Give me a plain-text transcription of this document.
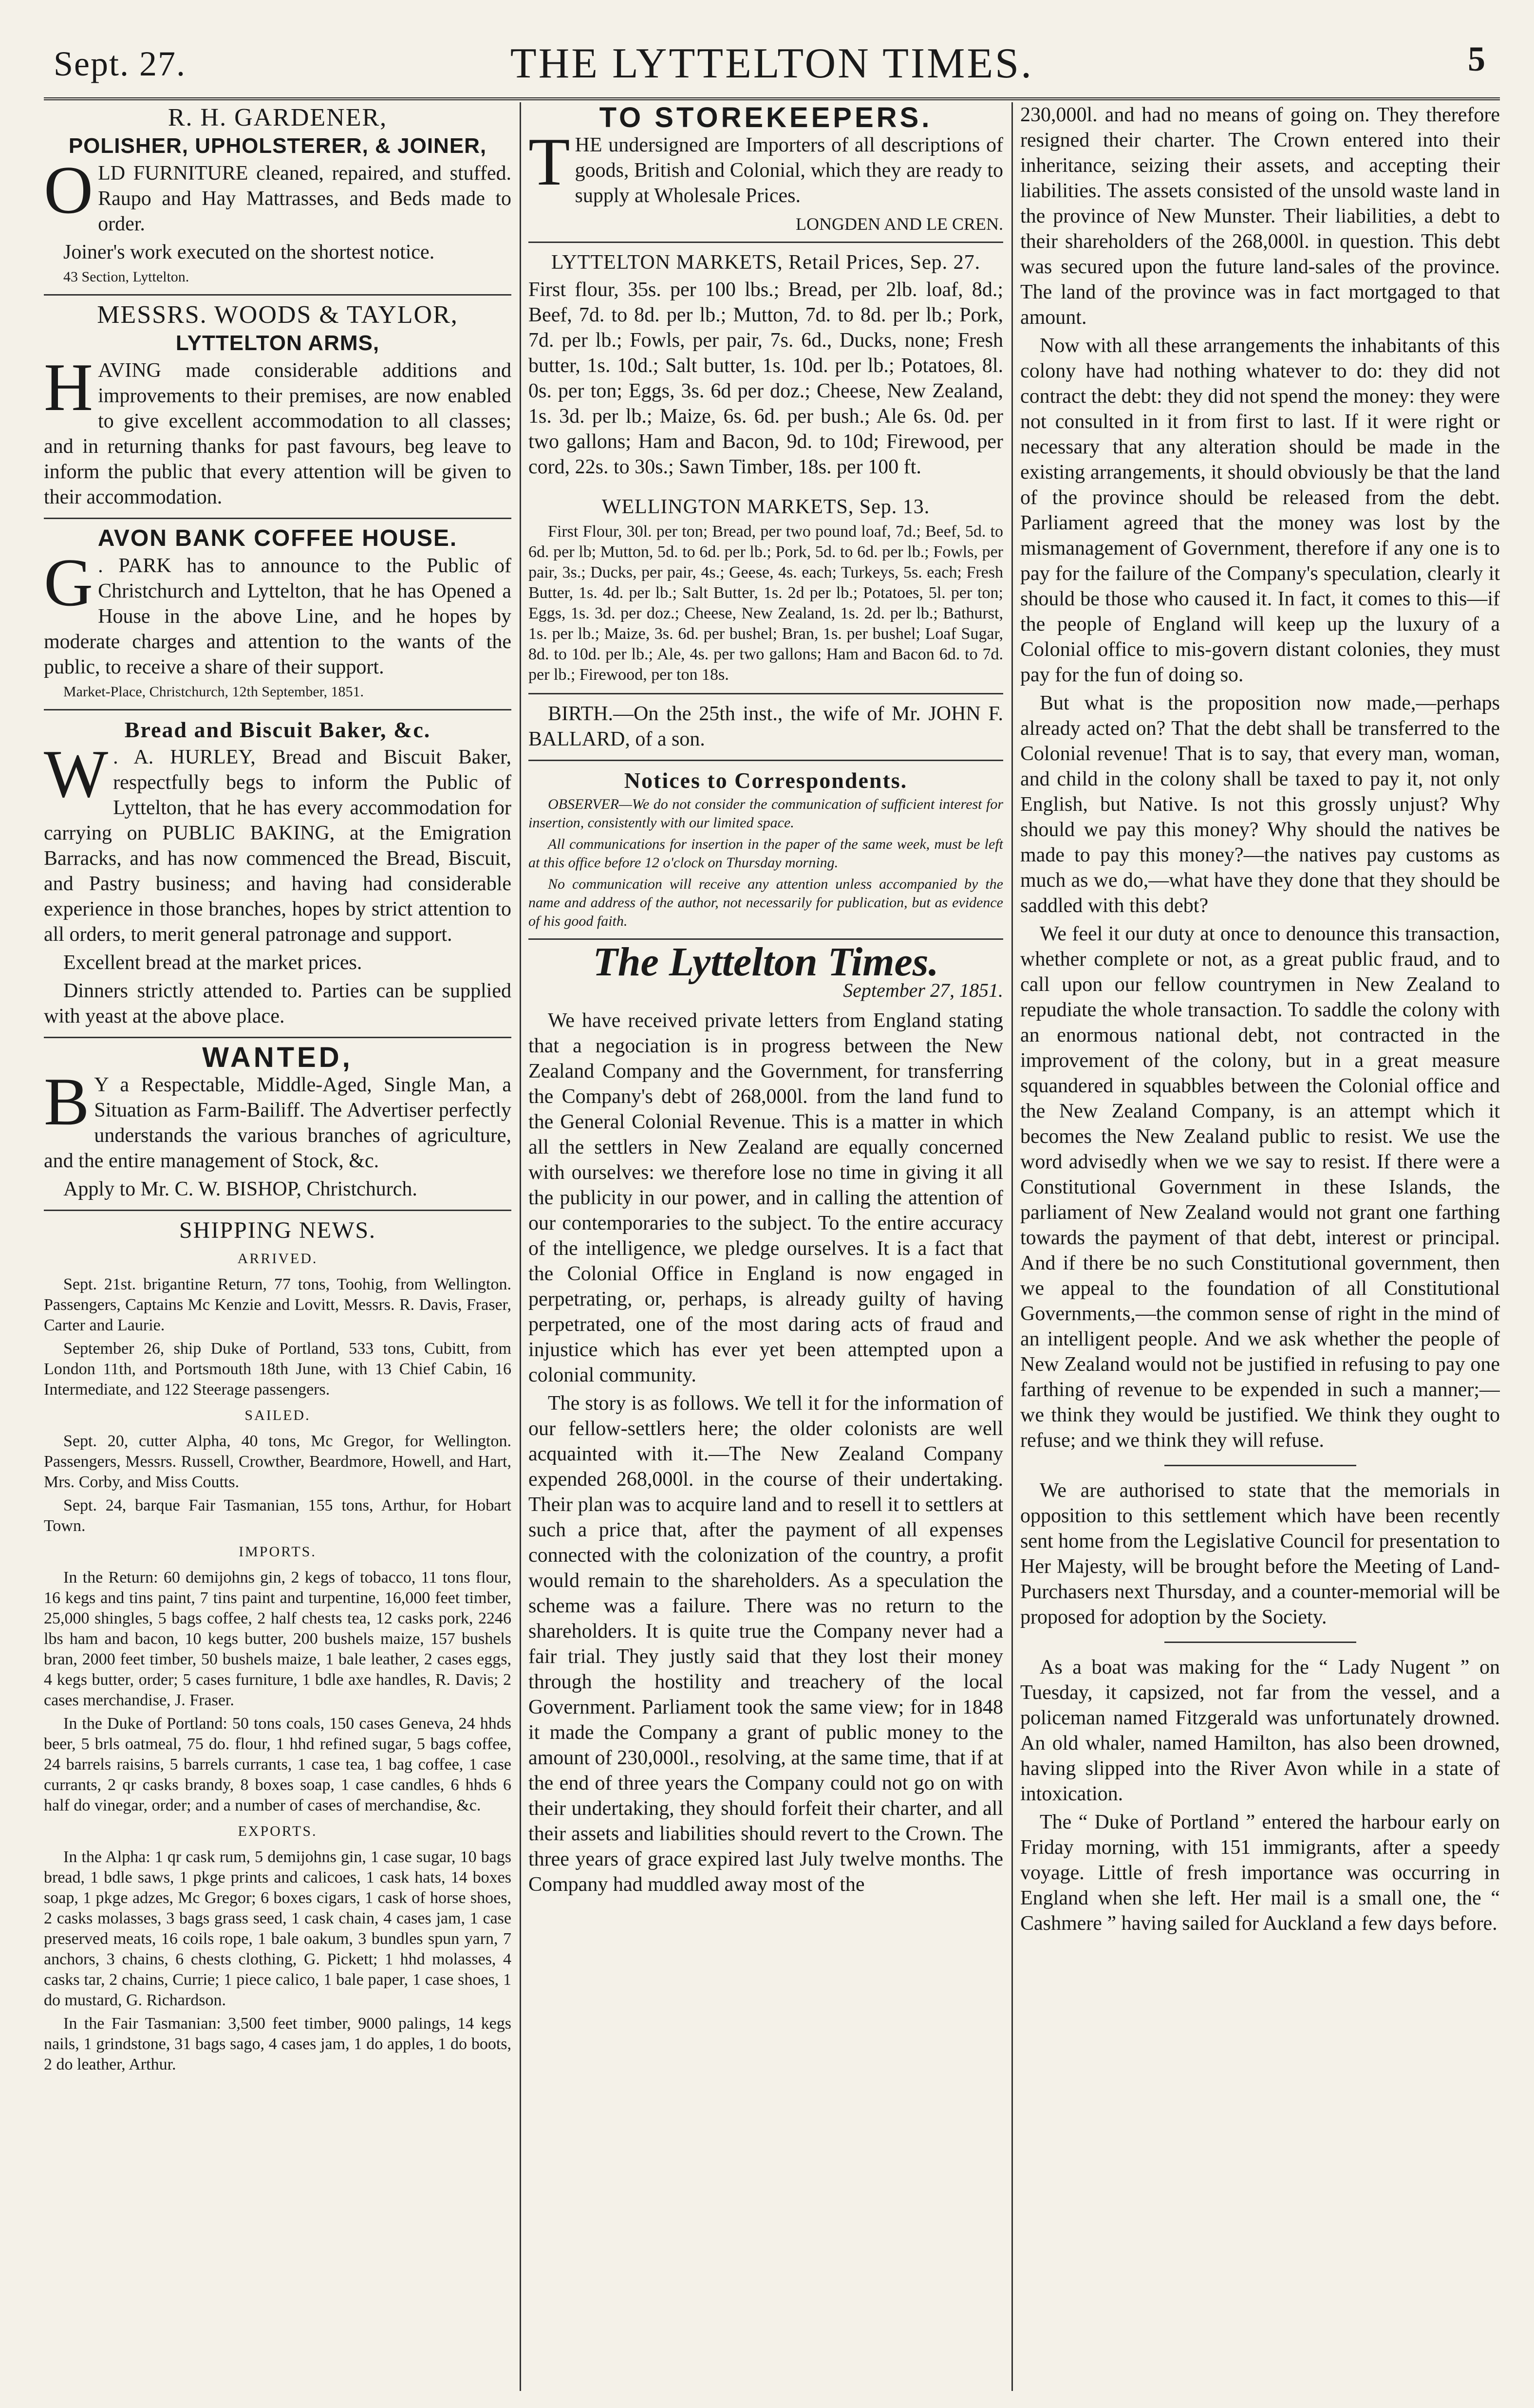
Sept. 27.	THE LYTTELTON TIMES.	5
R. H. GARDENER,
POLISHER, UPHOLSTERER, & JOINER,

OLD FURNITURE cleaned, repaired, and stuffed. Raupo and Hay Mattrasses, and Beds made to order.

Joiner's work executed on the shortest notice.

43 Section, Lyttelton.

MESSRS. WOODS & TAYLOR,
LYTTELTON ARMS,

HAVING made considerable additions and improvements to their premises, are now enabled to give excellent accommodation to all classes; and in returning thanks for past favours, beg leave to inform the public that every attention will be given to their accommodation.

AVON BANK COFFEE HOUSE.

G . PARK has to announce to the Public of Christchurch and Lyttelton, that he has Opened a House in the above Line, and he hopes by moderate charges and attention to the wants of the public, to receive a share of their support.

Market-Place, Christchurch, 12th September, 1851.

Bread and Biscuit Baker, &c.

W . A. HURLEY, Bread and Biscuit Baker, respectfully begs to inform the Public of Lyttelton, that he has every accommodation for carrying on PUBLIC BAKING, at the Emigration Barracks, and has now commenced the Bread, Biscuit, and Pastry business; and having had considerable experience in those branches, hopes by strict attention to all orders, to merit general patronage and support.

Excellent bread at the market prices.

Dinners strictly attended to. Parties can be supplied with yeast at the above place.

WANTED,

B Y a Respectable, Middle-Aged, Single Man, a Situation as Farm-Bailiff. The Advertiser perfectly understands the various branches of agriculture, and the entire management of Stock, &c.

Apply to Mr. C. W. BISHOP, Christchurch.

SHIPPING NEWS.
ARRIVED.

Sept. 21st. brigantine Return, 77 tons, Toohig, from Wellington. Passengers, Captains Mc Kenzie and Lovitt, Messrs. R. Davis, Fraser, Carter and Laurie.

September 26, ship Duke of Portland, 533 tons, Cubitt, from London 11th, and Portsmouth 18th June, with 13 Chief Cabin, 16 Intermediate, and 122 Steerage passengers.

SAILED.

Sept. 20, cutter Alpha, 40 tons, Mc Gregor, for Wellington. Passengers, Messrs. Russell, Crowther, Beardmore, Howell, and Hart, Mrs. Corby, and Miss Coutts.

Sept. 24, barque Fair Tasmanian, 155 tons, Arthur, for Hobart Town.

IMPORTS.

In the Return: 60 demijohns gin, 2 kegs of tobacco, 11 tons flour, 16 kegs and tins paint, 7 tins paint and turpentine, 16,000 feet timber, 25,000 shingles, 5 bags coffee, 2 half chests tea, 12 casks pork, 2246 lbs ham and bacon, 10 kegs butter, 200 bushels maize, 157 bushels bran, 2000 feet timber, 50 bushels maize, 1 bale leather, 2 cases eggs, 4 kegs butter, order; 5 cases furniture, 1 bdle axe handles, R. Davis; 2 cases merchandise, J. Fraser.

In the Duke of Portland: 50 tons coals, 150 cases Geneva, 24 hhds beer, 5 brls oatmeal, 75 do. flour, 1 hhd refined sugar, 5 bags coffee, 24 barrels raisins, 5 barrels currants, 1 case tea, 1 bag coffee, 1 case currants, 2 qr casks brandy, 8 boxes soap, 1 case candles, 6 hhds 6 half do vinegar, order; and a number of cases of merchandise, &c.

EXPORTS.

In the Alpha: 1 qr cask rum, 5 demijohns gin, 1 case sugar, 10 bags bread, 1 bdle saws, 1 pkge prints and calicoes, 1 cask hats, 14 boxes soap, 1 pkge adzes, Mc Gregor; 6 boxes cigars, 1 cask of horse shoes, 2 casks molasses, 3 bags grass seed, 1 cask chain, 4 cases jam, 1 case preserved meats, 16 coils rope, 1 bale oakum, 3 bundles spun yarn, 7 anchors, 3 chains, 6 chests clothing, G. Pickett; 1 hhd molasses, 4 casks tar, 2 chains, Currie; 1 piece calico, 1 bale paper, 1 case shoes, 1 do mustard, G. Richardson.

In the Fair Tasmanian: 3,500 feet timber, 9000 palings, 14 kegs nails, 1 grindstone, 31 bags sago, 4 cases jam, 1 do apples, 1 do boots, 2 do leather, Arthur.

TO STOREKEEPERS.

THE undersigned are Importers of all descriptions of goods, British and Colonial, which they are ready to supply at Wholesale Prices.

LONGDEN AND LE CREN.
LYTTELTON MARKETS, Retail Prices, Sep. 27.

First flour, 35s. per 100 lbs.; Bread, per 2lb. loaf, 8d.; Beef, 7d. to 8d. per lb.; Mutton, 7d. to 8d. per lb.; Pork, 7d. per lb.; Fowls, per pair, 7s. 6d., Ducks, none; Fresh butter, 1s. 10d.; Salt butter, 1s. 10d. per lb.; Potatoes, 8l. 0s. per ton; Eggs, 3s. 6d per doz.; Cheese, New Zealand, 1s. 3d. per lb.; Maize, 6s. 6d. per bush.; Ale 6s. 0d. per two gallons; Ham and Bacon, 9d. to 10d; Firewood, per cord, 22s. to 30s.; Sawn Timber, 18s. per 100 ft.

WELLINGTON MARKETS, Sep. 13.

First Flour, 30l. per ton; Bread, per two pound loaf, 7d.; Beef, 5d. to 6d. per lb; Mutton, 5d. to 6d. per lb.; Pork, 5d. to 6d. per lb.; Fowls, per pair, 3s.; Ducks, per pair, 4s.; Geese, 4s. each; Turkeys, 5s. each; Fresh Butter, 1s. 4d. per lb.; Salt Butter, 1s. 2d per lb.; Potatoes, 5l. per ton; Eggs, 1s. 3d. per doz.; Cheese, New Zealand, 1s. 2d. per lb.; Bathurst, 1s. per lb.; Maize, 3s. 6d. per bushel; Bran, 1s. per bushel; Loaf Sugar, 8d. to 10d. per lb.; Ale, 4s. per two gallons; Ham and Bacon 6d. to 7d. per lb.; Firewood, per ton 18s.

BIRTH.—On the 25th inst., the wife of Mr. JOHN F. BALLARD, of a son.

Notices to Correspondents.

OBSERVER—We do not consider the communication of sufficient interest for insertion, consistently with our limited space.

All communications for insertion in the paper of the same week, must be left at this office before 12 o'clock on Thursday morning.

No communication will receive any attention unless accompanied by the name and address of the author, not necessarily for publication, but as evidence of his good faith.

The Lyttelton Times.
September 27, 1851.

We have received private letters from England stating that a negociation is in progress between the New Zealand Company and the Government, for transferring the Company's debt of 268,000l. from the land fund to the General Colonial Revenue. This is a matter in which all the settlers in New Zealand are equally concerned with ourselves: we therefore lose no time in giving it all the publicity in our power, and in calling the attention of our contemporaries to the subject. To the entire accuracy of the intelligence, we pledge ourselves. It is a fact that the Colonial Office in England is now engaged in perpetrating, or, perhaps, is already guilty of having perpetrated, one of the most daring acts of fraud and injustice which has ever yet been attempted upon a colonial community.

The story is as follows. We tell it for the information of our fellow-settlers here; the older colonists are well acquainted with it.—The New Zealand Company expended 268,000l. in the course of their undertaking. Their plan was to acquire land and to resell it to settlers at such a price that, after the payment of all expenses connected with the colonization of the country, a profit would remain to the shareholders. As a speculation the scheme was a failure. There was no return to the shareholders. It is quite true the Company never had a fair trial. They justly said that they lost their money through the hostility and treachery of the local Government. Parliament took the same view; for in 1848 it made the Company a grant of public money to the amount of 230,000l., resolving, at the same time, that if at the end of three years the Company could not go on with their undertaking, they should forfeit their charter, and all their assets and liabilities should revert to the Crown. The three years of grace expired last July twelve months. The Company had muddled away most of the

230,000l. and had no means of going on. They therefore resigned their charter. The Crown entered into their inheritance, seizing their assets, and accepting their liabilities. The assets consisted of the unsold waste land in the province of New Munster. Their liabilities, a debt to their shareholders of the 268,000l. in question. This debt was secured upon the future land-sales of the province. The land of the province was in fact mortgaged to that amount.

Now with all these arrangements the inhabitants of this colony have had nothing whatever to do: they did not contract the debt: they did not spend the money: they were not consulted in it from first to last. If it were right or necessary that any alteration should be made in the existing arrangements, it should obviously be that the land of the province should be released from the debt. Parliament agreed that the money was lost by the mismanagement of Government, therefore if any one is to pay for the failure of the Company's speculation, clearly it should be those who caused it. In fact, it comes to this—if the people of England will keep up the luxury of a Colonial office to mis-govern distant colonies, they must pay for the fun of doing so.

But what is the proposition now made,—perhaps already acted on? That the debt shall be transferred to the Colonial revenue! That is to say, that every man, woman, and child in the colony shall be taxed to pay it, not only English, but Native. Is not this grossly unjust? Why should we pay this money? Why should the natives be made to pay this money?—the natives pay customs as much as we do,—what have they done that they should be saddled with this debt?

We feel it our duty at once to denounce this transaction, whether complete or not, as a great public fraud, and to call upon our fellow countrymen in New Zealand to repudiate the whole transaction. To saddle the colony with an enormous national debt, not contracted in the improvement of the colony, but in a great measure squandered in squabbles between the Colonial office and the New Zealand Company, is an attempt which it becomes the New Zealand public to resist. We use the word advisedly when we we say to resist. If there were a Constitutional Government in these Islands, the parliament of New Zealand would not grant one farthing towards the payment of that debt, interest or principal. And if there be no such Constitutional government, then we appeal to the foundation of all Constitutional Governments,—the common sense of right in the mind of an intelligent people. And we ask whether the people of New Zealand would not be justified in refusing to pay one farthing of revenue to be expended in such a manner;—we think they would be justified. We think they ought to refuse; and we think they will refuse.

We are authorised to state that the memorials in opposition to this settlement which have been recently sent home from the Legislative Council for presentation to Her Majesty, will be brought before the Meeting of Land-Purchasers next Thursday, and a counter-memorial will be proposed for adoption by the Society.

As a boat was making for the “ Lady Nugent ” on Tuesday, it capsized, not far from the vessel, and a policeman named Fitzgerald was unfortunately drowned. An old whaler, named Hamilton, has also been drowned, having slipped into the River Avon while in a state of intoxication.

The “ Duke of Portland ” entered the harbour early on Friday morning, with 151 immigrants, after a speedy voyage. Little of fresh importance was occurring in England when she left. Her mail is a small one, the “ Cashmere ” having sailed for Auckland a few days before.
